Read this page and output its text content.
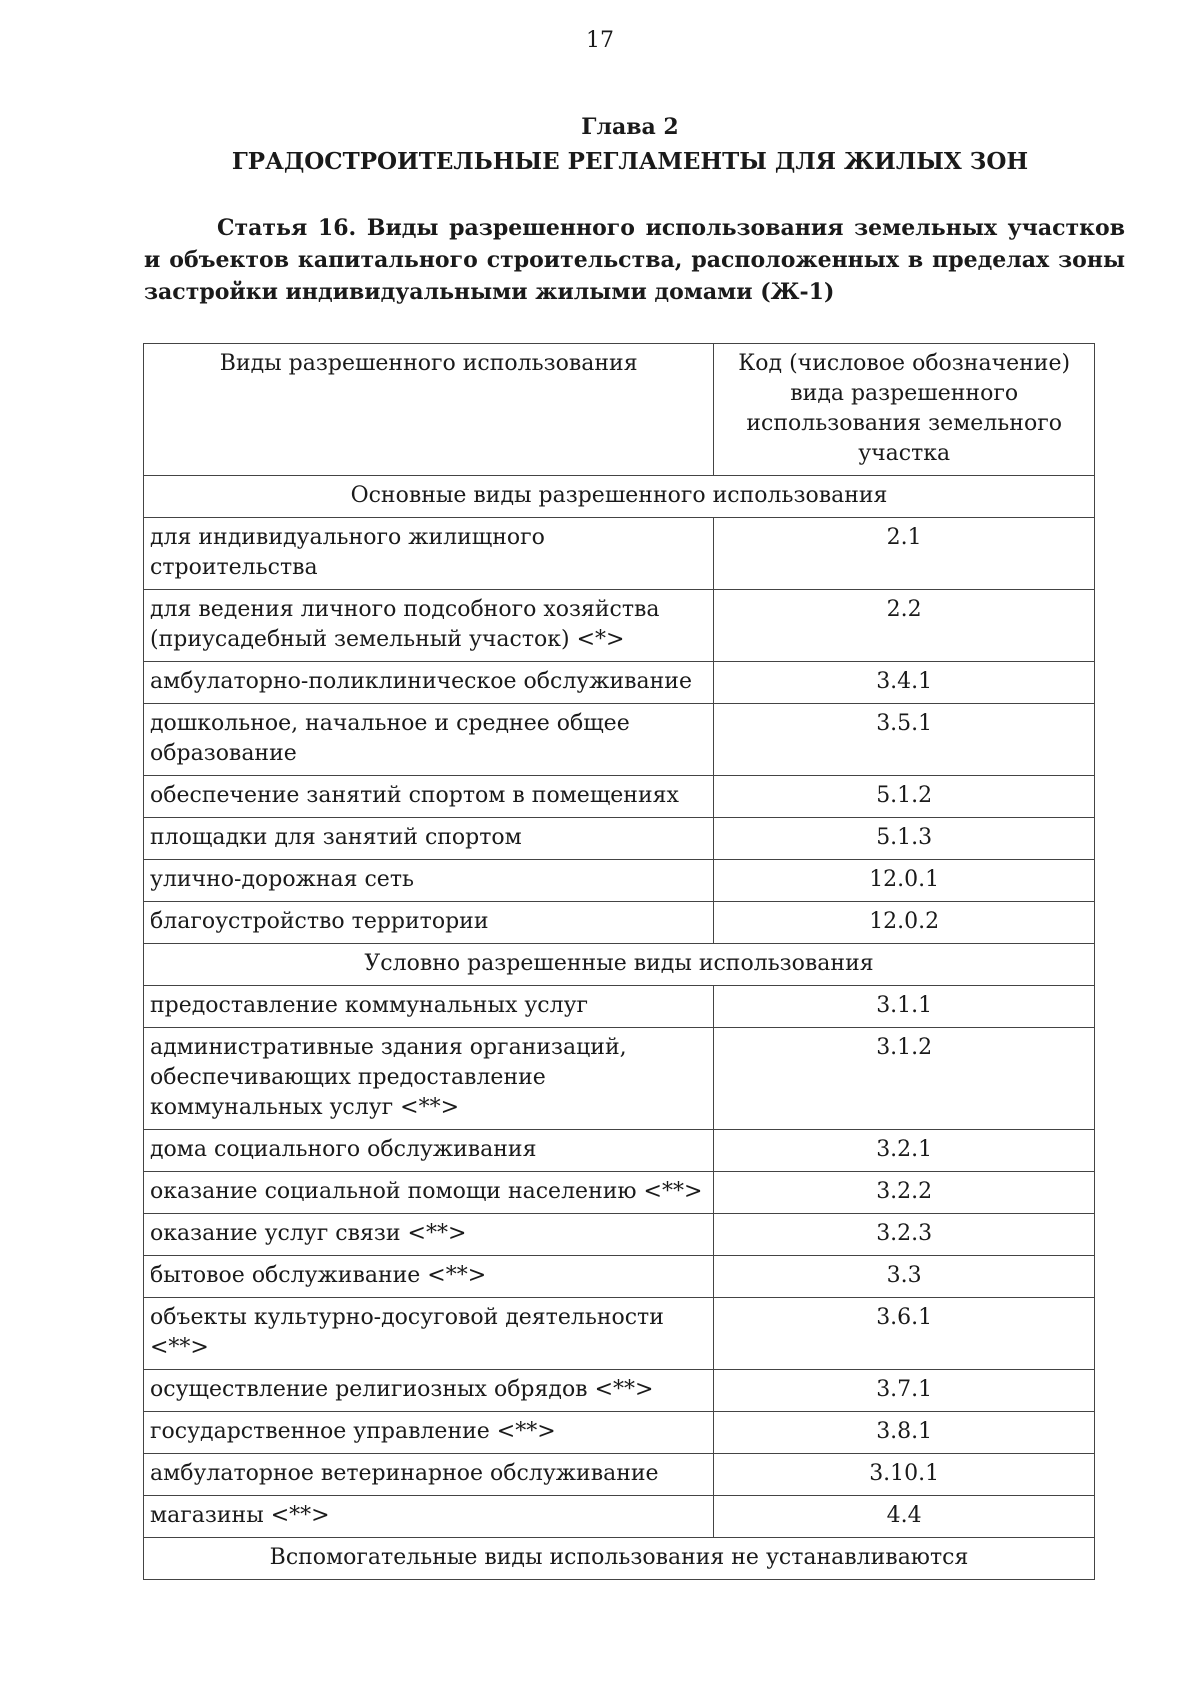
17
Глава 2
ГРАДОСТРОИТЕЛЬНЫЕ РЕГЛАМЕНТЫ ДЛЯ ЖИЛЫХ ЗОН
Статья 16. Виды разрешенного использования земельных участков и объектов капитального строительства, расположенных в пределах зоны застройки индивидуальными жилыми домами (Ж-1)
Виды разрешенного использования	Код (числовое обозначение) вида разрешенного использования земельного участка
Основные виды разрешенного использования	
для индивидуального жилищного строительства	2.1
для ведения личного подсобного хозяйства (приусадебный земельный участок) <*>	2.2
амбулаторно-поликлиническое обслуживание	3.4.1
дошкольное, начальное и среднее общее образование	3.5.1
обеспечение занятий спортом в помещениях	5.1.2
площадки для занятий спортом	5.1.3
улично-дорожная сеть	12.0.1
благоустройство территории	12.0.2
Условно разрешенные виды использования	
предоставление коммунальных услуг	3.1.1
административные здания организаций, обеспечивающих предоставление коммунальных услуг <**>	3.1.2
дома социального обслуживания	3.2.1
оказание социальной помощи населению <**>	3.2.2
оказание услуг связи <**>	3.2.3
бытовое обслуживание <**>	3.3
объекты культурно-досуговой деятельности <**>	3.6.1
осуществление религиозных обрядов <**>	3.7.1
государственное управление <**>	3.8.1
амбулаторное ветеринарное обслуживание	3.10.1
магазины <**>	4.4
Вспомогательные виды использования не устанавливаются	
